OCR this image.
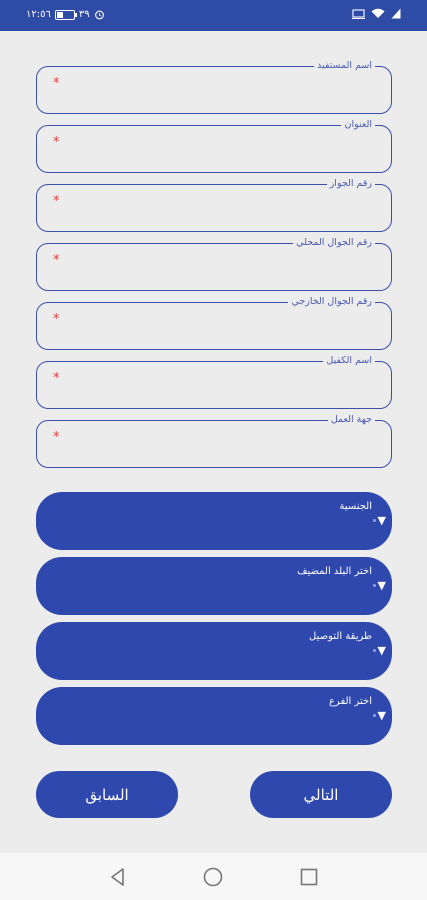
١٢:٥٦	٣٩
اسم المستفيد
*
العنوان
*
رقم الجواز
*
رقم الجوال المحلي
*
رقم الجوال الخارجي
*
اسم الكفيل
*
جهة العمل
*
الجنسية
▼
اختر البلد المضيف
▼
طريقة التوصيل
▼
اختر الفرع
▼
السابق	التالي
